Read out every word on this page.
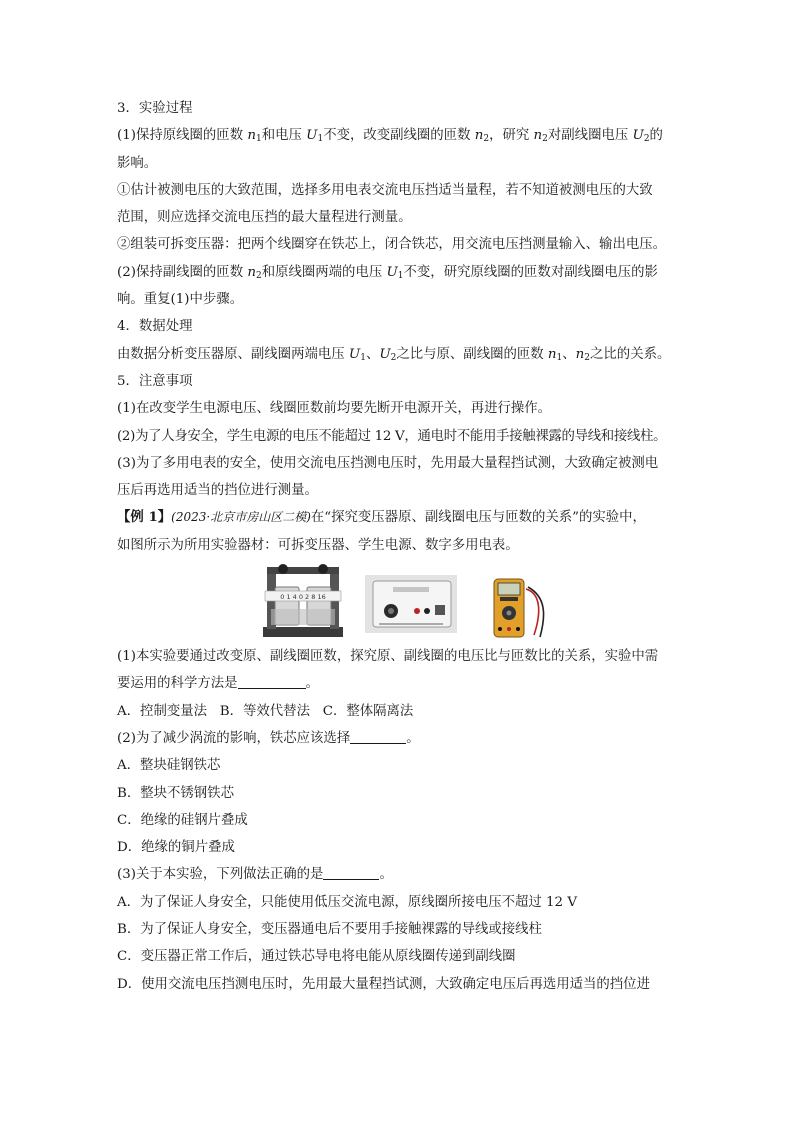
3．实验过程
(1)保持原线圈的匝数 $n_1$和电压 $U_1$不变，改变副线圈的匝数 $n_2$，研究 $n_2$对副线圈电压 $U_2$的
影响。
①估计被测电压的大致范围，选择多用电表交流电压挡适当量程，若不知道被测电压的大致
范围，则应选择交流电压挡的最大量程进行测量。
②组装可拆变压器：把两个线圈穿在铁芯上，闭合铁芯，用交流电压挡测量输入、输出电压。
(2)保持副线圈的匝数 $n_2$和原线圈两端的电压 $U_1$不变，研究原线圈的匝数对副线圈电压的影
响。重复(1)中步骤。
4．数据处理
由数据分析变压器原、副线圈两端电压 $U_1$、$U_2$之比与原、副线圈的匝数 $n_1$、$n_2$之比的关系。
5．注意事项
(1)在改变学生电源电压、线圈匝数前均要先断开电源开关，再进行操作。
(2)为了人身安全，学生电源的电压不能超过 12 V，通电时不能用手接触裸露的导线和接线柱。
(3)为了多用电表的安全，使用交流电压挡测电压时，先用最大量程挡试测，大致确定被测电
压后再选用适当的挡位进行测量。
【例 1】(2023·北京市房山区二模)在“探究变压器原、副线圈电压与匝数的关系”的实验中，
如图所示为所用实验器材：可拆变压器、学生电源、数字多用电表。
0 1 4 0 2 8 16
(1)本实验要通过改变原、副线圈匝数，探究原、副线圈的电压比与匝数比的关系，实验中需
要运用的科学方法是	。
A．控制变量法   B．等效代替法   C．整体隔离法
(2)为了减少涡流的影响，铁芯应该选择	。
A．整块硅钢铁芯
B．整块不锈钢铁芯
C．绝缘的硅钢片叠成
D．绝缘的铜片叠成
(3)关于本实验，下列做法正确的是	。
A．为了保证人身安全，只能使用低压交流电源，原线圈所接电压不超过 12 V
B．为了保证人身安全，变压器通电后不要用手接触裸露的导线或接线柱
C．变压器正常工作后，通过铁芯导电将电能从原线圈传递到副线圈
D．使用交流电压挡测电压时，先用最大量程挡试测，大致确定电压后再选用适当的挡位进
